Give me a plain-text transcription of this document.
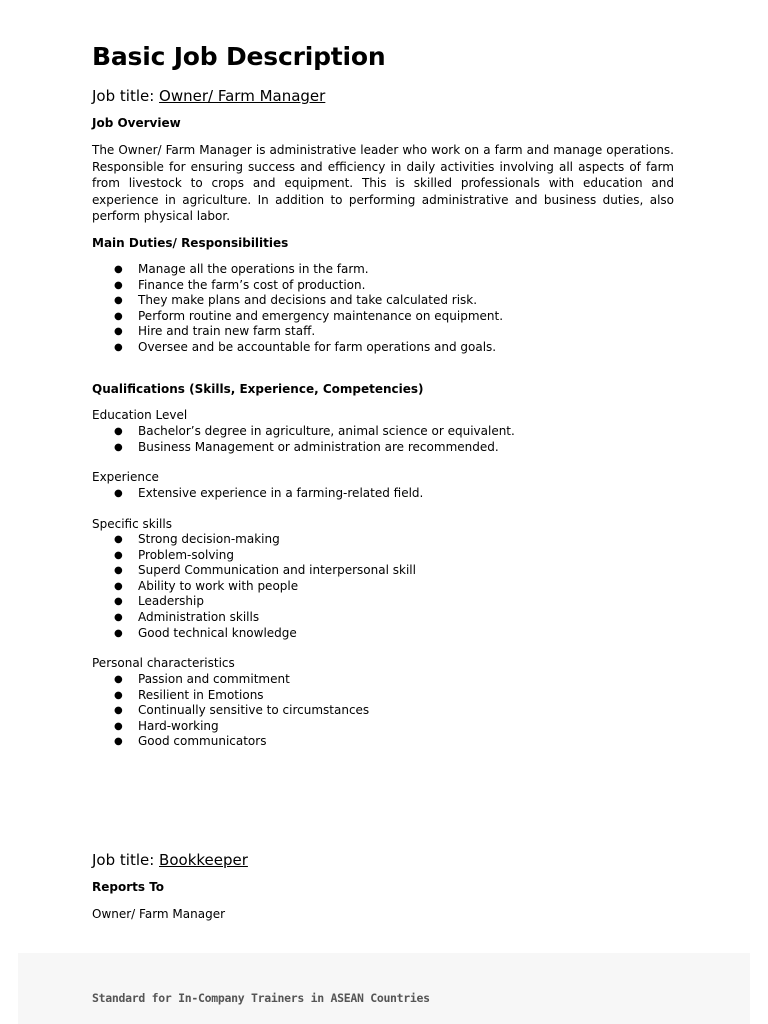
Basic Job Description

Job title: Owner/ Farm Manager

Job Overview

The Owner/ Farm Manager is administrative leader who work on a farm and manage operations. Responsible for ensuring success and efficiency in daily activities involving all aspects of farm from livestock to crops and equipment. This is skilled professionals with education and experience in agriculture. In addition to performing administrative and business duties, also perform physical labor.

Main Duties/ Responsibilities

● Manage all the operations in the farm.
● Finance the farm’s cost of production.
● They make plans and decisions and take calculated risk.
● Perform routine and emergency maintenance on equipment.
● Hire and train new farm staff.
● Oversee and be accountable for farm operations and goals.

Qualifications (Skills, Experience, Competencies)

Education Level

● Bachelor’s degree in agriculture, animal science or equivalent.
● Business Management or administration are recommended.

Experience

● Extensive experience in a farming-related field.

Specific skills

● Strong decision-making
● Problem-solving
● Superd Communication and interpersonal skill
● Ability to work with people
● Leadership
● Administration skills
● Good technical knowledge

Personal characteristics

● Passion and commitment
● Resilient in Emotions
● Continually sensitive to circumstances
● Hard-working
● Good communicators

Job title: Bookkeeper

Reports To

Owner/ Farm Manager

Standard for In-Company Trainers in ASEAN Countries
